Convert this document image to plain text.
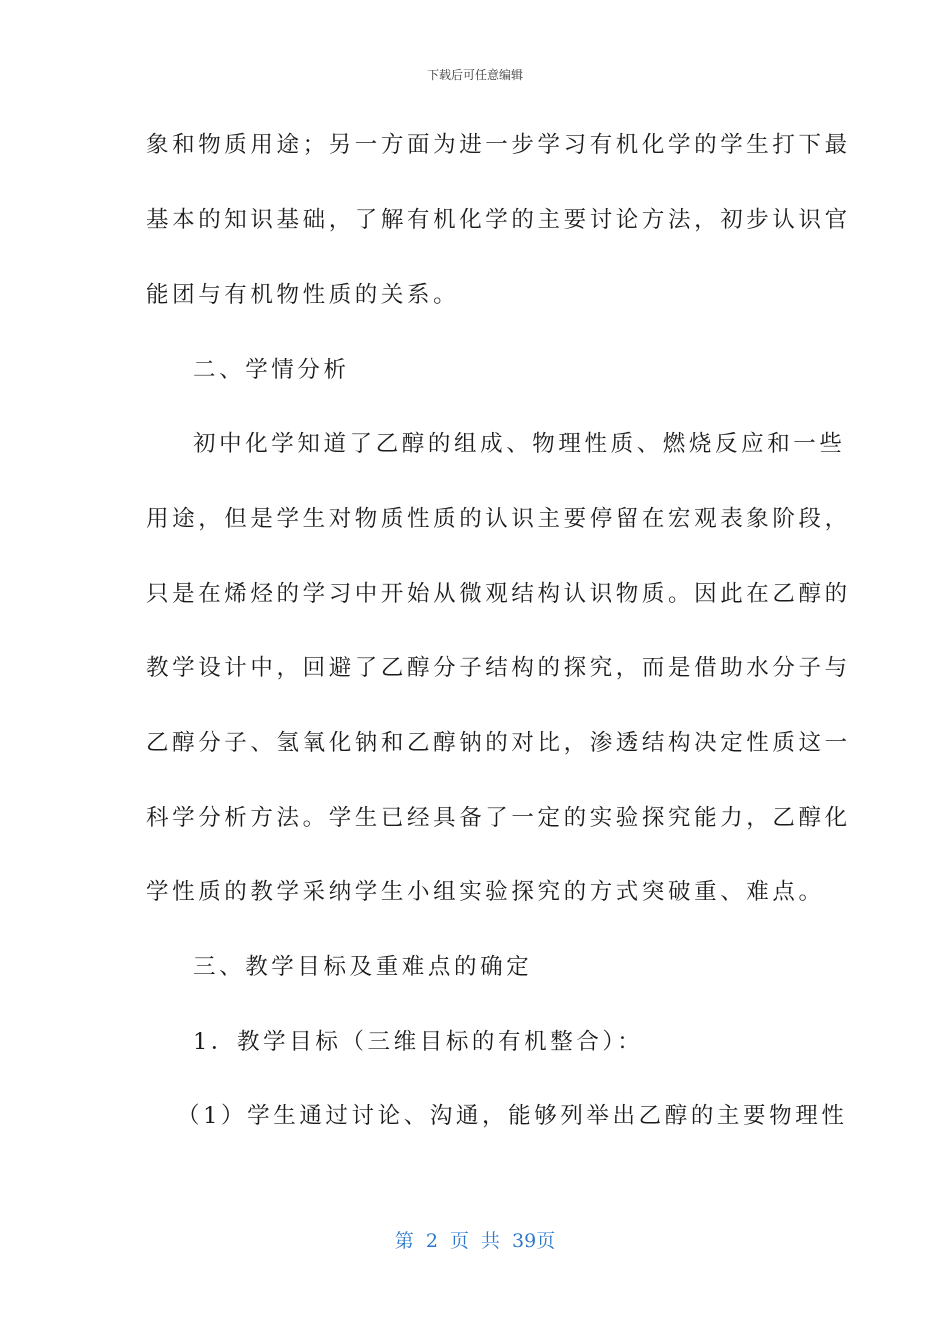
下载后可任意编辑
象和物质用途；另一方面为进一步学习有机化学的学生打下最
基本的知识基础，了解有机化学的主要讨论方法，初步认识官
能团与有机物性质的关系。
二、学情分析
初中化学知道了乙醇的组成、物理性质、燃烧反应和一些
用途，但是学生对物质性质的认识主要停留在宏观表象阶段，
只是在烯烃的学习中开始从微观结构认识物质。因此在乙醇的
教学设计中，回避了乙醇分子结构的探究，而是借助水分子与
乙醇分子、氢氧化钠和乙醇钠的对比，渗透结构决定性质这一
科学分析方法。学生已经具备了一定的实验探究能力，乙醇化
学性质的教学采纳学生小组实验探究的方式突破重、难点。
三、教学目标及重难点的确定
1．教学目标（三维目标的有机整合）：
（1）学生通过讨论、沟通，能够列举出乙醇的主要物理性
第 2 页 共 39页
